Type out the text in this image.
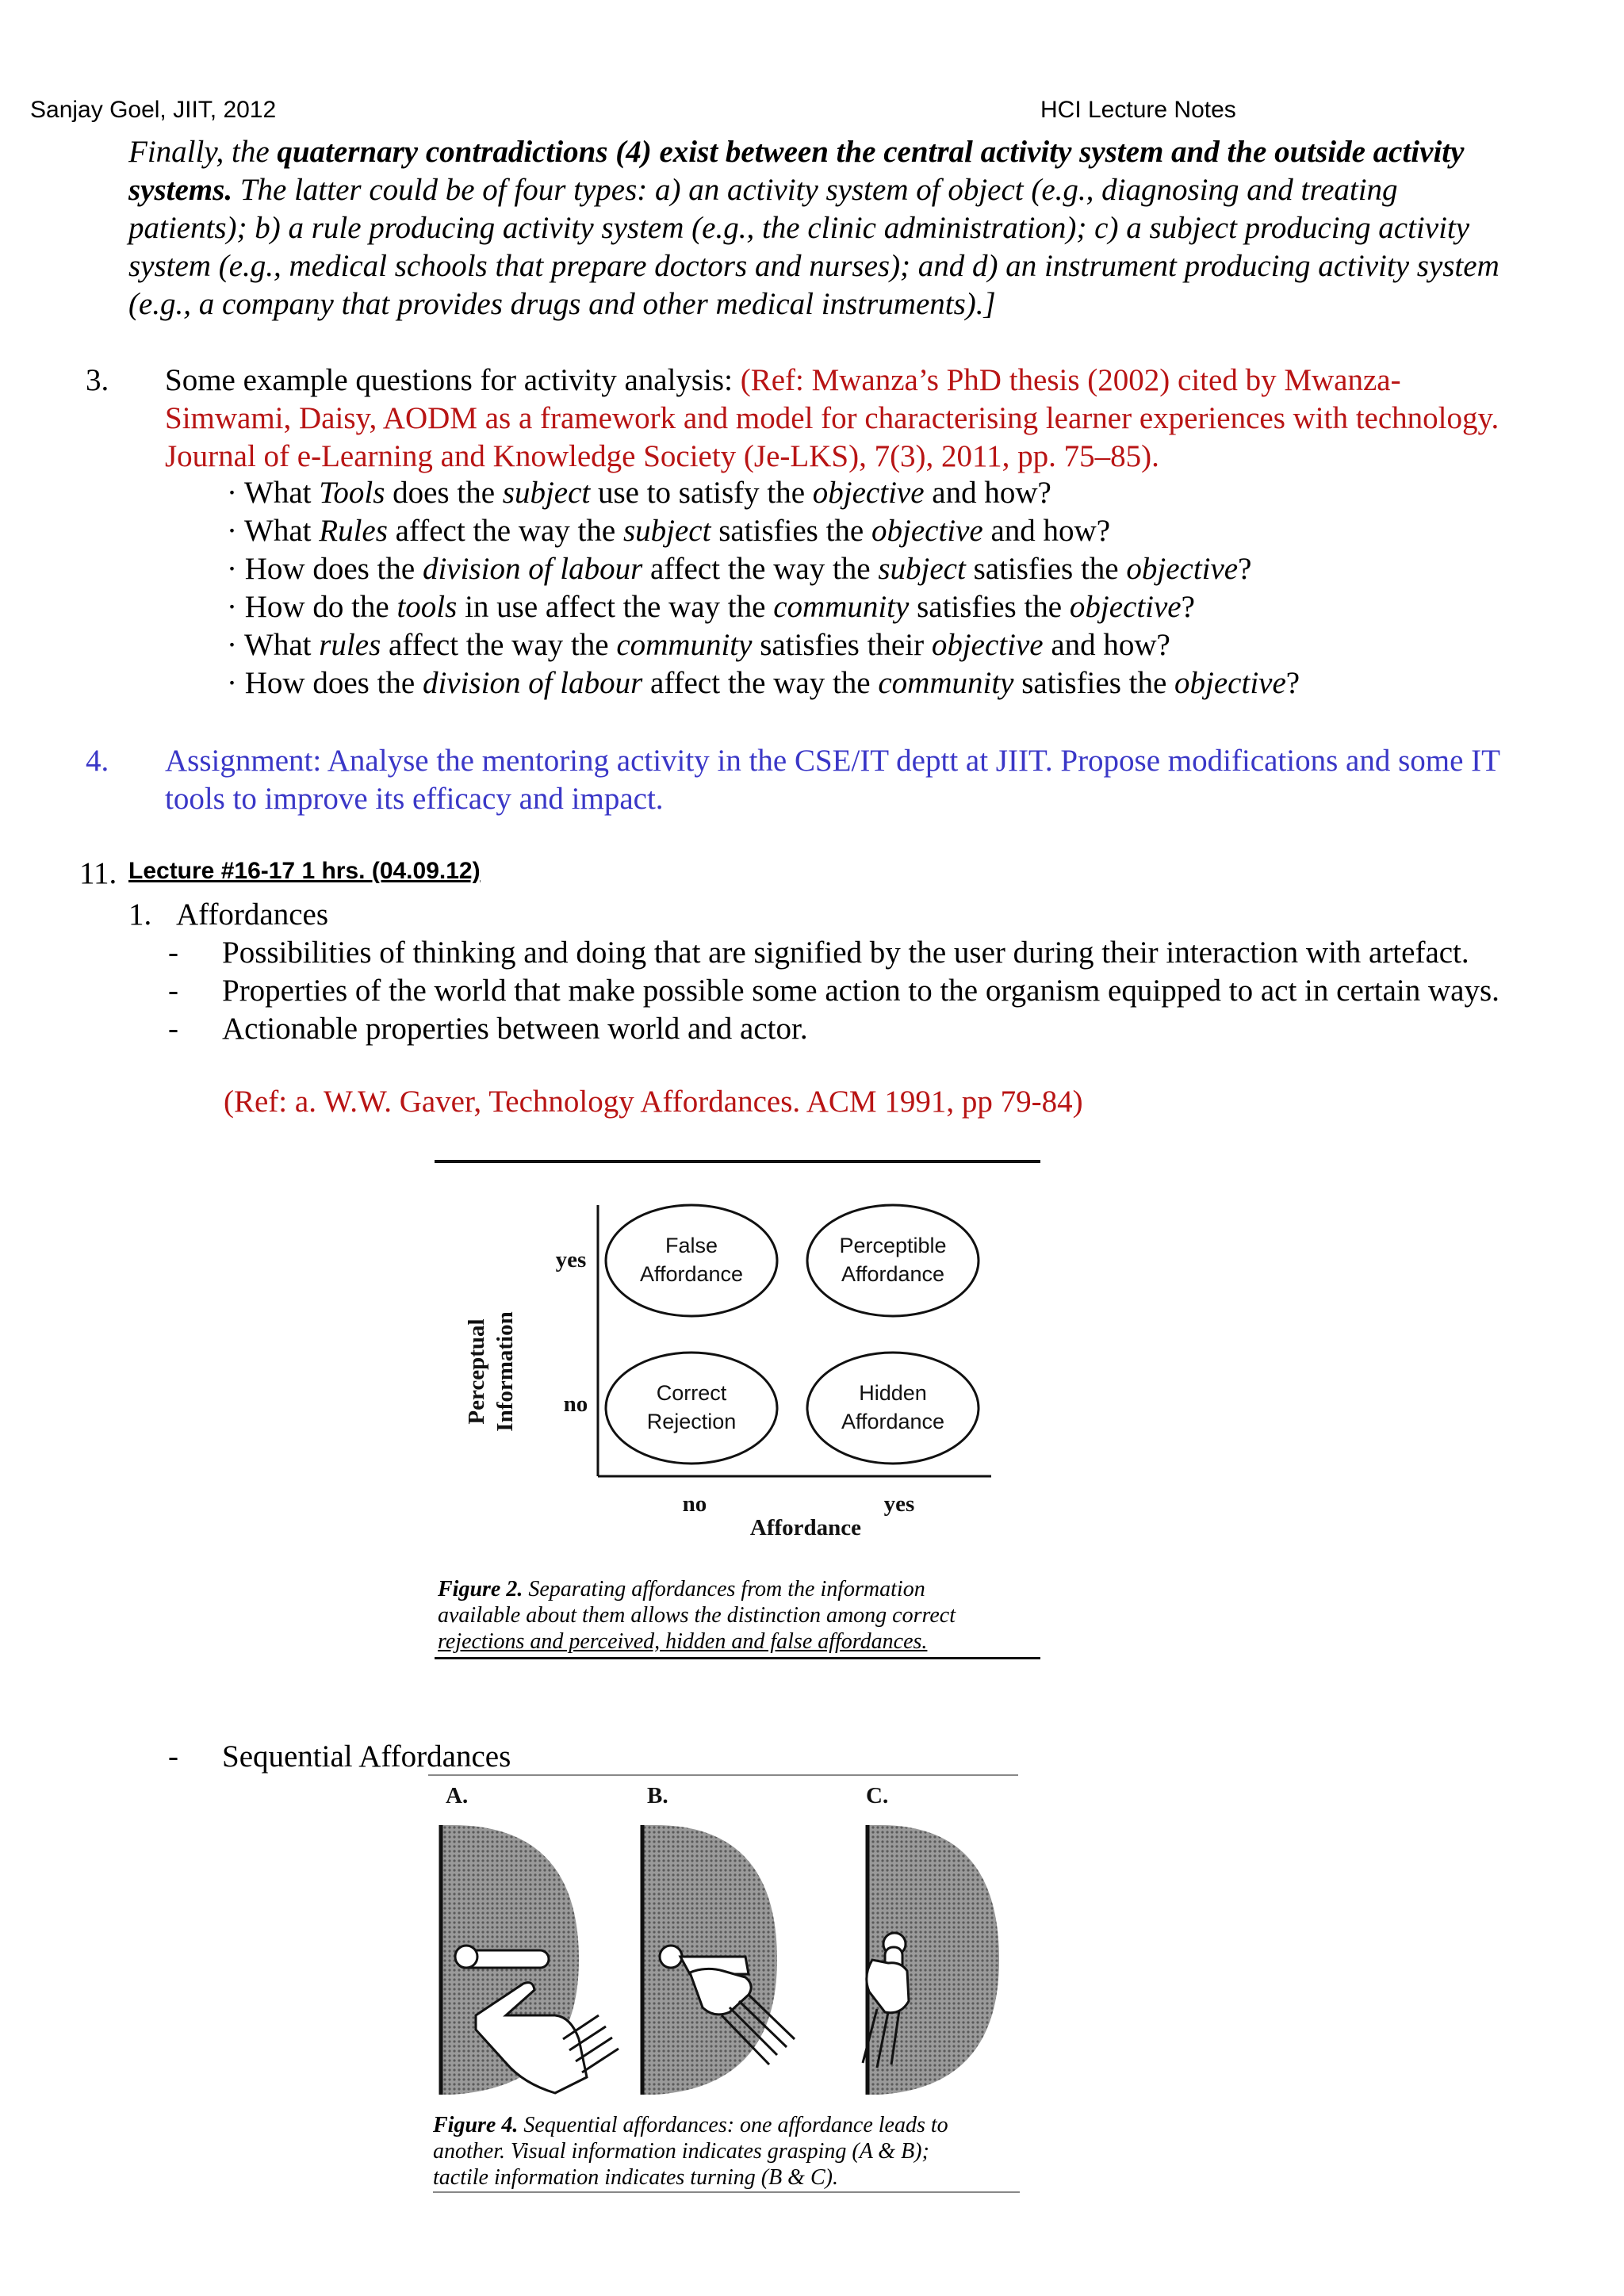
Sanjay Goel, JIIT, 2012	HCI Lecture Notes
Finally, the quaternary contradictions (4) exist between the central activity system and the outside activity
systems. The latter could be of four types: a) an activity system of object (e.g., diagnosing and treating
patients); b) a rule producing activity system (e.g., the clinic administration); c) a subject producing activity
system (e.g., medical schools that prepare doctors and nurses); and d) an instrument producing activity system
(e.g., a company that provides drugs and other medical instruments).]
3. Some example questions for activity analysis: (Ref: Mwanza’s PhD thesis (2002) cited by Mwanza-
Simwami, Daisy, AODM as a framework and model for characterising learner experiences with technology.
Journal of e-Learning and Knowledge Society (Je-LKS), 7(3), 2011, pp. 75–85).
· What Tools does the subject use to satisfy the objective and how?
· What Rules affect the way the subject satisfies the objective and how?
· How does the division of labour affect the way the subject satisfies the objective?
· How do the tools in use affect the way the community satisfies the objective?
· What rules affect the way the community satisfies their objective and how?
· How does the division of labour affect the way the community satisfies the objective?
4. Assignment: Analyse the mentoring activity in the CSE/IT deptt at JIIT. Propose modifications and some IT
tools to improve its efficacy and impact.
11. Lecture #16-17 1 hrs. (04.09.12)
1. Affordances
- Possibilities of thinking and doing that are signified by the user during their interaction with artefact.
- Properties of the world that make possible some action to the organism equipped to act in certain ways.
- Actionable properties between world and actor.
(Ref: a. W.W. Gaver, Technology Affordances. ACM 1991, pp 79-84)
Perceptual Information
yes
no
False
Affordance
Perceptible
Affordance
Correct
Rejection
Hidden
Affordance
no	yes
Affordance
Figure 2. Separating affordances from the information
available about them allows the distinction among correct
rejections and perceived, hidden and false affordances.
- Sequential Affordances
A.	B.	C.
Figure 4. Sequential affordances: one affordance leads to
another. Visual information indicates grasping (A & B);
tactile information indicates turning (B & C).
